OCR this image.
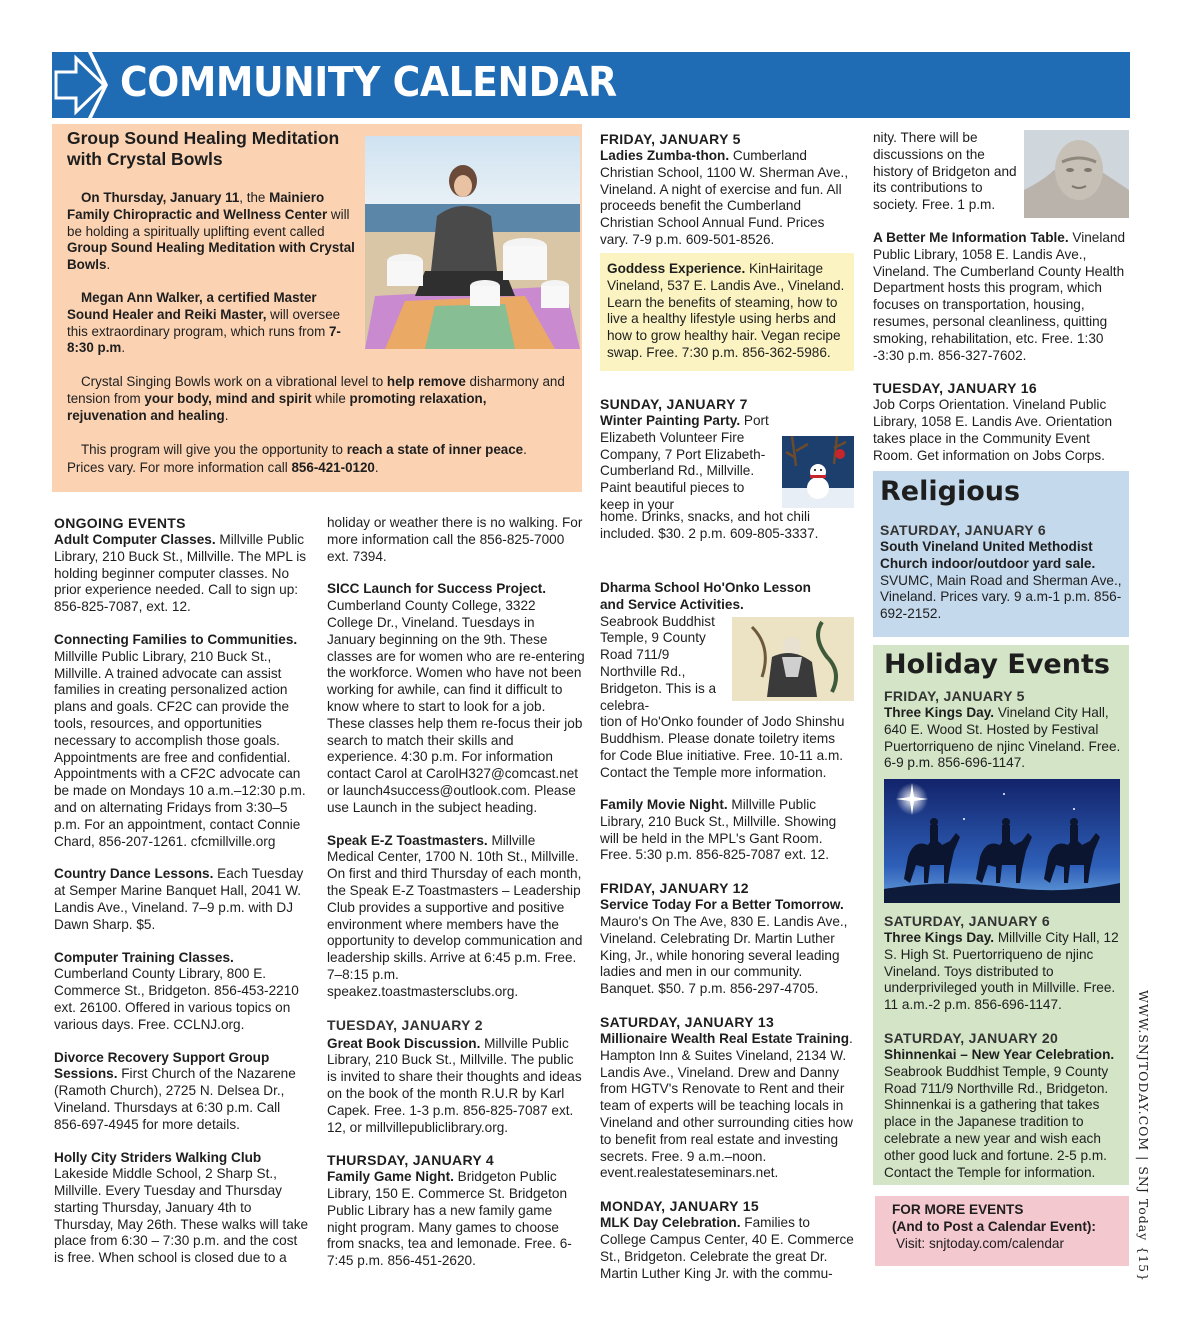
COMMUNITY CALENDAR
Group Sound Healing Meditation
with Crystal Bowls

On Thursday, January 11, the Mainiero Family Chiropractic and Wellness Center will be holding a spiritually uplifting event called Group Sound Healing Meditation with Crystal Bowls.

Megan Ann Walker, a certified Master Sound Healer and Reiki Master, will oversee this extraordinary program, which runs from 7-8:30 p.m.

Crystal Singing Bowls work on a vibrational level to help remove disharmony and tension from your body, mind and spirit while promoting relaxation, rejuvenation and healing.

This program will give you the opportunity to reach a state of inner peace. Prices vary. For more information call 856-421-0120.

ONGOING EVENTS

Adult Computer Classes. Millville Public Library, 210 Buck St., Millville. The MPL is holding beginner computer classes. No prior experience needed. Call to sign up: 856-825-7087, ext. 12.

Connecting Families to Communities. Millville Public Library, 210 Buck St., Millville. A trained advocate can assist families in creating personalized action plans and goals. CF2C can provide the tools, resources, and opportunities necessary to accomplish those goals. Appointments are free and confidential. Appointments with a CF2C advocate can be made on Mondays 10 a.m.–12:30 p.m. and on alternating Fridays from 3:30–5 p.m. For an appointment, contact Connie Chard, 856-207-1261. cfcmillville.org

Country Dance Lessons. Each Tuesday at Semper Marine Banquet Hall, 2041 W. Landis Ave., Vineland. 7–9 p.m. with DJ Dawn Sharp. $5.

Computer Training Classes. Cumberland County Library, 800 E. Commerce St., Bridgeton. 856-453-2210 ext. 26100. Offered in various topics on various days. Free. CCLNJ.org.

Divorce Recovery Support Group Sessions. First Church of the Nazarene (Ramoth Church), 2725 N. Delsea Dr., Vineland. Thursdays at 6:30 p.m. Call 856-697-4945 for more details.

Holly City Striders Walking Club Lakeside Middle School, 2 Sharp St., Millville. Every Tuesday and Thursday starting Thursday, January 4th to Thursday, May 26th. These walks will take place from 6:30 – 7:30 p.m. and the cost is free. When school is closed due to a

holiday or weather there is no walking. For more information call the 856-825-7000 ext. 7394.

SICC Launch for Success Project. Cumberland County College, 3322 College Dr., Vineland. Tuesdays in January beginning on the 9th. These classes are for women who are re-entering the workforce. Women who have not been working for awhile, can find it difficult to know where to start to look for a job. These classes help them re-focus their job search to match their skills and experience. 4:30 p.m. For information contact Carol at CarolH327@comcast.net or launch4success@outlook.com. Please use Launch in the subject heading.

Speak E-Z Toastmasters. Millville Medical Center, 1700 N. 10th St., Millville. On first and third Thursday of each month, the Speak E-Z Toastmasters – Leadership Club provides a supportive and positive environment where members have the opportunity to develop communication and leadership skills. Arrive at 6:45 p.m. Free. 7–8:15 p.m. speakez.toastmastersclubs.org.

TUESDAY, JANUARY 2

Great Book Discussion. Millville Public Library, 210 Buck St., Millville. The public is invited to share their thoughts and ideas on the book of the month R.U.R by Karl Capek. Free. 1-3 p.m. 856-825-7087 ext. 12, or millvillepubliclibrary.org.

THURSDAY, JANUARY 4

Family Game Night. Bridgeton Public Library, 150 E. Commerce St. Bridgeton Public Library has a new family game night program. Many games to choose from snacks, tea and lemonade. Free. 6-7:45 p.m. 856-451-2620.

FRIDAY, JANUARY 5

Ladies Zumba-thon. Cumberland Christian School, 1100 W. Sherman Ave., Vineland. A night of exercise and fun. All proceeds benefit the Cumberland Christian School Annual Fund. Prices vary. 7-9 p.m. 609-501-8526.

Goddess Experience. KinHairitage Vineland, 537 E. Landis Ave., Vineland. Learn the benefits of steaming, how to live a healthy lifestyle using herbs and how to grow healthy hair. Vegan recipe swap. Free. 7:30 p.m. 856-362-5986.

SUNDAY, JANUARY 7

Winter Painting Party. Port Elizabeth Volunteer Fire Company, 7 Port Elizabeth-Cumberland Rd., Millville. Paint beautiful pieces to keep in your

home. Drinks, snacks, and hot chili included. $30. 2 p.m. 609-805-3337.

Dharma School Ho'Onko Lesson and Service Activities.

Seabrook Buddhist Temple, 9 County Road 711/9 Northville Rd., Bridgeton. This is a celebra-

tion of Ho'Onko founder of Jodo Shinshu Buddhism. Please donate toiletry items for Code Blue initiative. Free. 10-11 a.m. Contact the Temple more information.

Family Movie Night. Millville Public Library, 210 Buck St., Millville. Showing will be held in the MPL's Gant Room. Free. 5:30 p.m. 856-825-7087 ext. 12.

FRIDAY, JANUARY 12

Service Today For a Better Tomorrow. Mauro's On The Ave, 830 E. Landis Ave., Vineland. Celebrating Dr. Martin Luther King, Jr., while honoring several leading ladies and men in our community. Banquet. $50. 7 p.m. 856-297-4705.

SATURDAY, JANUARY 13

Millionaire Wealth Real Estate Training. Hampton Inn & Suites Vineland, 2134 W. Landis Ave., Vineland. Drew and Danny from HGTV's Renovate to Rent and their team of experts will be teaching locals in Vineland and other surrounding cities how to benefit from real estate and investing secrets. Free. 9 a.m.–noon. event.realestateseminars.net.

MONDAY, JANUARY 15

MLK Day Celebration. Families to College Campus Center, 40 E. Commerce St., Bridgeton. Celebrate the great Dr. Martin Luther King Jr. with the commu-

nity. There will be discussions on the history of Bridgeton and its contributions to society. Free. 1 p.m.

A Better Me Information Table. Vineland Public Library, 1058 E. Landis Ave., Vineland. The Cumberland County Health Department hosts this program, which focuses on transportation, housing, resumes, personal cleanliness, quitting smoking, rehabilitation, etc. Free. 1:30 -3:30 p.m. 856-327-7602.

TUESDAY, JANUARY 16

Job Corps Orientation. Vineland Public Library, 1058 E. Landis Ave. Orientation takes place in the Community Event Room. Get information on Jobs Corps.

Religious

SATURDAY, JANUARY 6

South Vineland United Methodist Church indoor/outdoor yard sale.

SVUMC, Main Road and Sherman Ave., Vineland. Prices vary. 9 a.m-1 p.m. 856-692-2152.

Holiday Events

FRIDAY, JANUARY 5

Three Kings Day. Vineland City Hall, 640 E. Wood St. Hosted by Festival Puertorriqueno de njinc Vineland. Free. 6-9 p.m. 856-696-1147.

SATURDAY, JANUARY 6

Three Kings Day. Millville City Hall, 12 S. High St. Puertorriqueno de njinc Vineland. Toys distributed to underprivileged youth in Millville. Free. 11 a.m.-2 p.m. 856-696-1147.

SATURDAY, JANUARY 20

Shinnenkai – New Year Celebration. Seabrook Buddhist Temple, 9 County Road 711/9 Northville Rd., Bridgeton. Shinnenkai is a gathering that takes place in the Japanese tradition to celebrate a new year and wish each other good luck and fortune. 2-5 p.m. Contact the Temple for information.

FOR MORE EVENTS

(And to Post a Calendar Event):

Visit: snjtoday.com/calendar	WWW.SNJTODAY.COM | SNJ Today {15}
